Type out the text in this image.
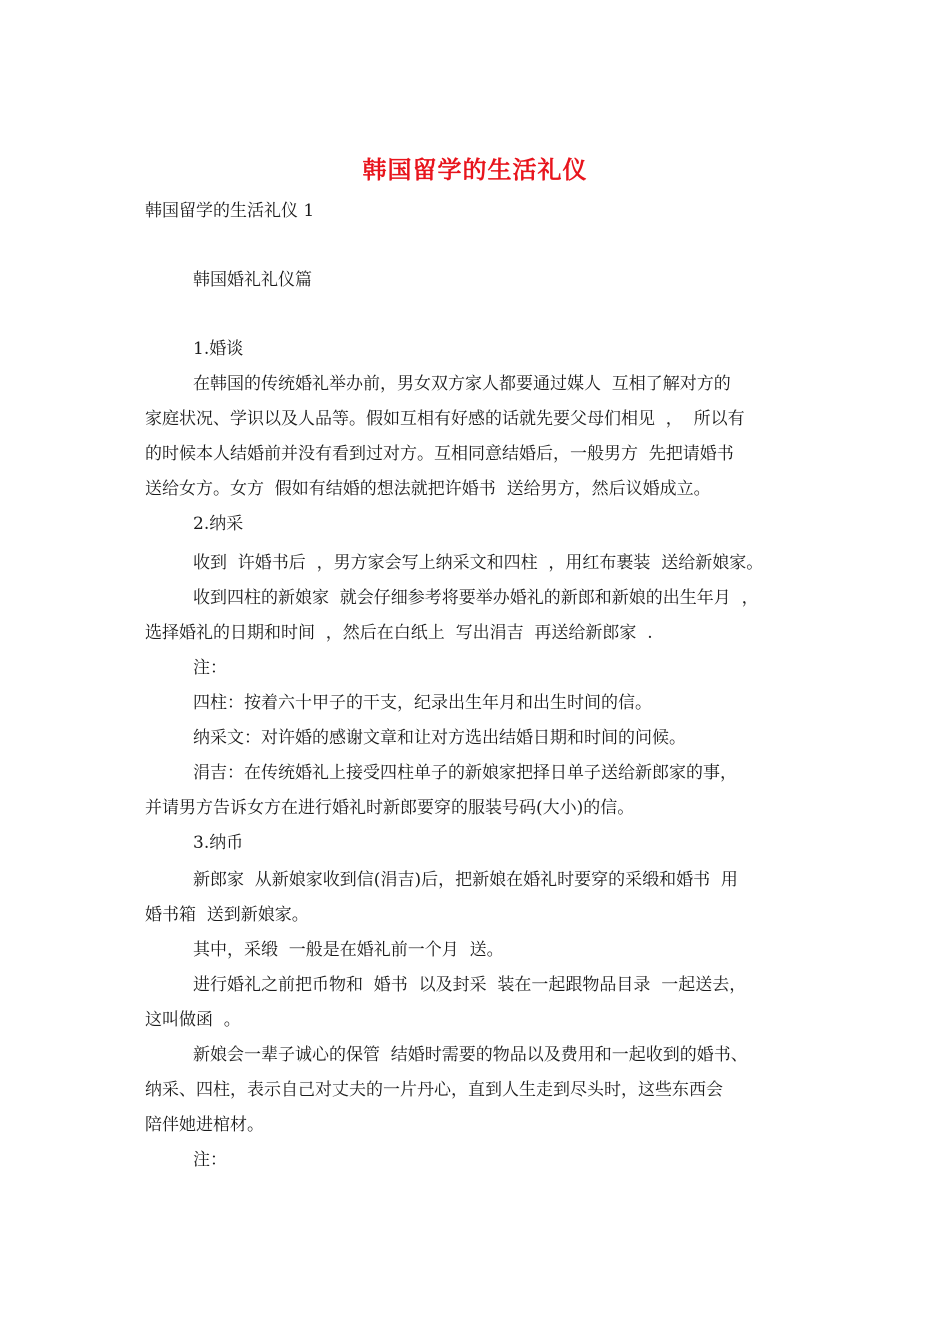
韩国留学的生活礼仪
韩国留学的生活礼仪 1
韩国婚礼礼仪篇
1.婚谈
在韩国的传统婚礼举办前，男女双方家人都要通过媒人  互相了解对方的
家庭状况、学识以及人品等。假如互相有好感的话就先要父母们相见  ，  所以有
的时候本人结婚前并没有看到过对方。互相同意结婚后，一般男方  先把请婚书
送给女方。女方  假如有结婚的想法就把许婚书  送给男方，然后议婚成立。
2.纳采
收到  许婚书后  ，男方家会写上纳采文和四柱  ，用红布裹装  送给新娘家。
收到四柱的新娘家  就会仔细参考将要举办婚礼的新郎和新娘的出生年月  ，
选择婚礼的日期和时间  ，然后在白纸上  写出涓吉  再送给新郎家  .
注：
四柱：按着六十甲子的干支，纪录出生年月和出生时间的信。
纳采文：对许婚的感谢文章和让对方选出结婚日期和时间的问候。
涓吉：在传统婚礼上接受四柱单子的新娘家把择日单子送给新郎家的事，
并请男方告诉女方在进行婚礼时新郎要穿的服装号码(大小)的信。
3.纳币
新郎家  从新娘家收到信(涓吉)后，把新娘在婚礼时要穿的采缎和婚书  用
婚书箱  送到新娘家。
其中，采缎  一般是在婚礼前一个月  送。
进行婚礼之前把币物和  婚书  以及封采  装在一起跟物品目录  一起送去，
这叫做函  。
新娘会一辈子诚心的保管  结婚时需要的物品以及费用和一起收到的婚书、
纳采、四柱，表示自己对丈夫的一片丹心，直到人生走到尽头时，这些东西会
陪伴她进棺材。
注：
